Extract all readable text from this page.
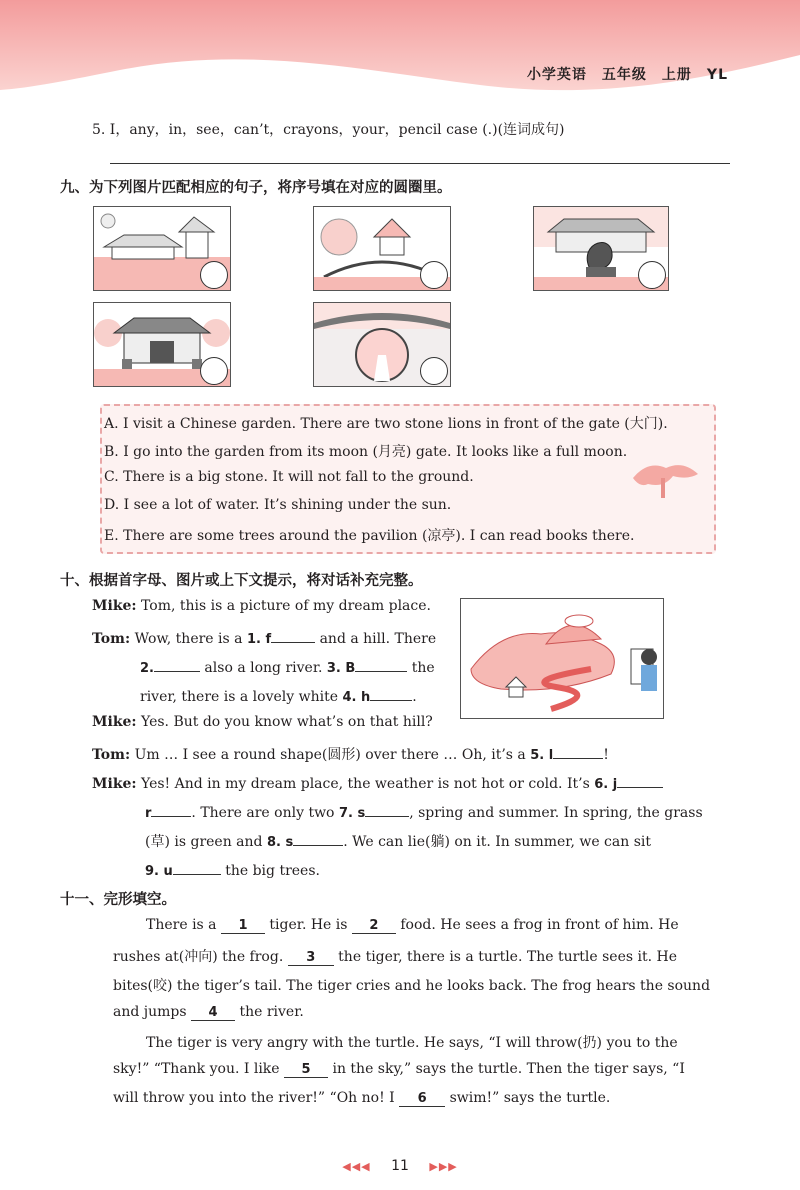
小学英语　五年级　上册　YL
5. I，any，in，see，can’t，crayons，your，pencil case (.)(连词成句)
九、为下列图片匹配相应的句子，将序号填在对应的圆圈里。
A. I visit a Chinese garden. There are two stone lions in front of the gate (大门).
B. I go into the garden from its moon (月亮) gate. It looks like a full moon.
C. There is a big stone. It will not fall to the ground.
D. I see a lot of water. It’s shining under the sun.
E. There are some trees around the pavilion (凉亭). I can read books there.
十、根据首字母、图片或上下文提示，将对话补充完整。
Mike: Tom, this is a picture of my dream place.
Tom: Wow, there is a 1. f	and a hill. There
2.	also a long river. 3. B	the
river, there is a lovely white 4. h	.
Mike: Yes. But do you know what’s on that hill?
Tom: Um … I see a round shape(圆形) over there … Oh, it’s a 5. l	!
Mike: Yes! And in my dream place, the weather is not hot or cold. It’s 6. j
r	. There are only two 7. s	, spring and summer. In spring, the grass
(草) is green and 8. s	. We can lie(躺) on it. In summer, we can sit
9. u	the big trees.
十一、完形填空。
There is a 1 tiger. He is 2 food. He sees a frog in front of him. He
rushes at(冲向) the frog. 3 the tiger, there is a turtle. The turtle sees it. He
bites(咬) the tiger’s tail. The tiger cries and he looks back. The frog hears the sound
and jumps 4 the river.
The tiger is very angry with the turtle. He says, “I will throw(扔) you to the
sky!” “Thank you. I like 5 in the sky,” says the turtle. Then the tiger says, “I
will throw you into the river!” “Oh no! I 6 swim!” says the turtle.
◀◀◀ 11 ▶▶▶
